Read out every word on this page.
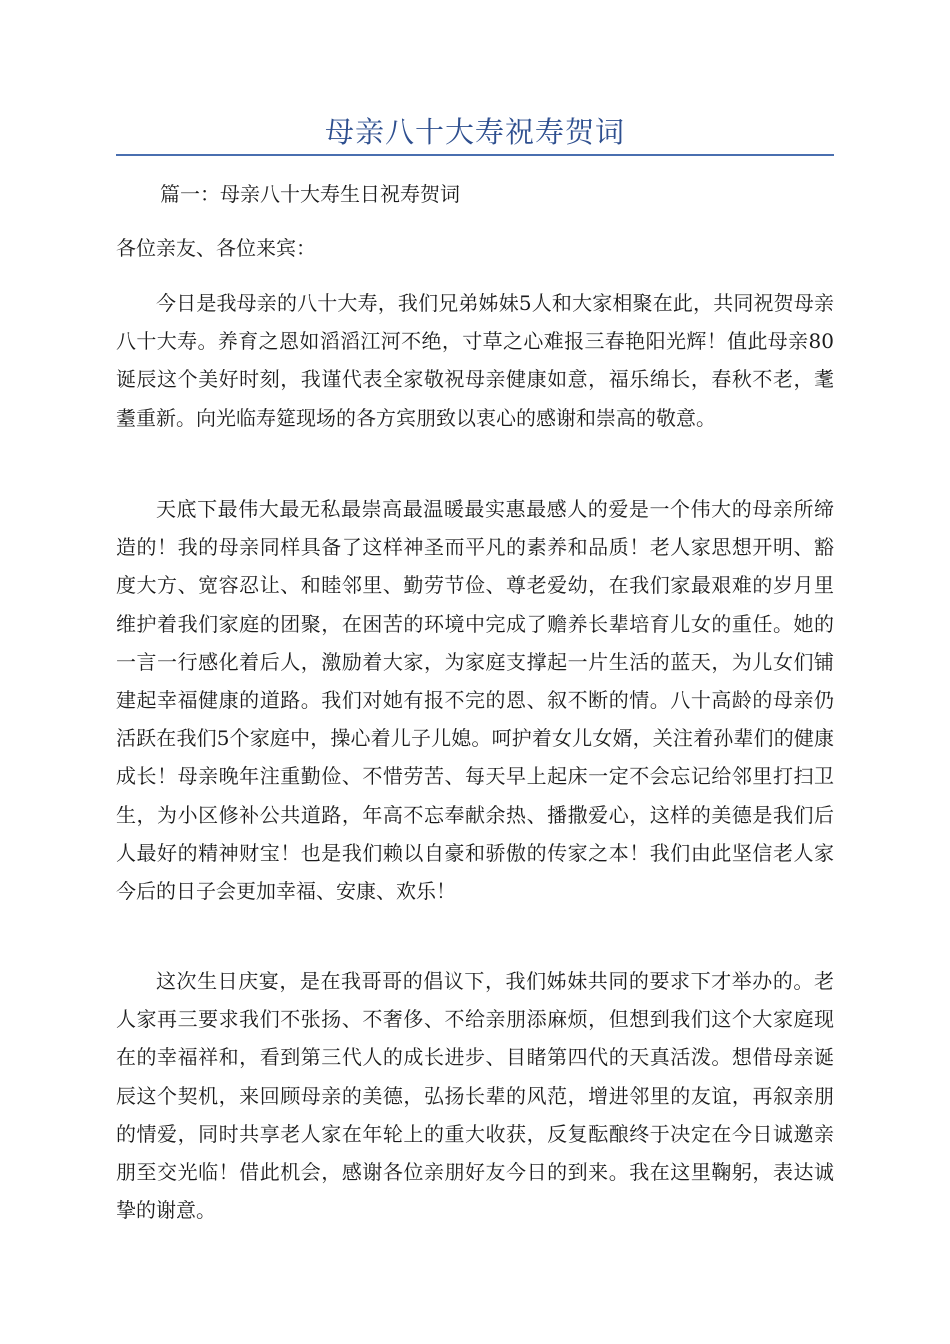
母亲八十大寿祝寿贺词
篇一：母亲八十大寿生日祝寿贺词
各位亲友、各位来宾：

今日是我母亲的八十大寿，我们兄弟姊妹5人和大家相聚在此，共同祝贺母亲八十大寿。养育之恩如滔滔江河不绝，寸草之心难报三春艳阳光辉！值此母亲80诞辰这个美好时刻，我谨代表全家敬祝母亲健康如意，福乐绵长，春秋不老，耄耋重新。向光临寿筵现场的各方宾朋致以衷心的感谢和崇高的敬意。

天底下最伟大最无私最崇高最温暖最实惠最感人的爱是一个伟大的母亲所缔造的！我的母亲同样具备了这样神圣而平凡的素养和品质！老人家思想开明、豁度大方、宽容忍让、和睦邻里、勤劳节俭、尊老爱幼，在我们家最艰难的岁月里维护着我们家庭的团聚，在困苦的环境中完成了赡养长辈培育儿女的重任。她的一言一行感化着后人，激励着大家，为家庭支撑起一片生活的蓝天，为儿女们铺建起幸福健康的道路。我们对她有报不完的恩、叙不断的情。八十高龄的母亲仍活跃在我们5个家庭中，操心着儿子儿媳。呵护着女儿女婿，关注着孙辈们的健康成长！母亲晚年注重勤俭、不惜劳苦、每天早上起床一定不会忘记给邻里打扫卫生，为小区修补公共道路，年高不忘奉献余热、播撒爱心，这样的美德是我们后人最好的精神财宝！也是我们赖以自豪和骄傲的传家之本！我们由此坚信老人家今后的日子会更加幸福、安康、欢乐！

这次生日庆宴，是在我哥哥的倡议下，我们姊妹共同的要求下才举办的。老人家再三要求我们不张扬、不奢侈、不给亲朋添麻烦，但想到我们这个大家庭现在的幸福祥和，看到第三代人的成长进步、目睹第四代的天真活泼。想借母亲诞辰这个契机，来回顾母亲的美德，弘扬长辈的风范，增进邻里的友谊，再叙亲朋的情爱，同时共享老人家在年轮上的重大收获，反复酝酿终于决定在今日诚邀亲朋至交光临！借此机会，感谢各位亲朋好友今日的到来。我在这里鞠躬，表达诚挚的谢意。
